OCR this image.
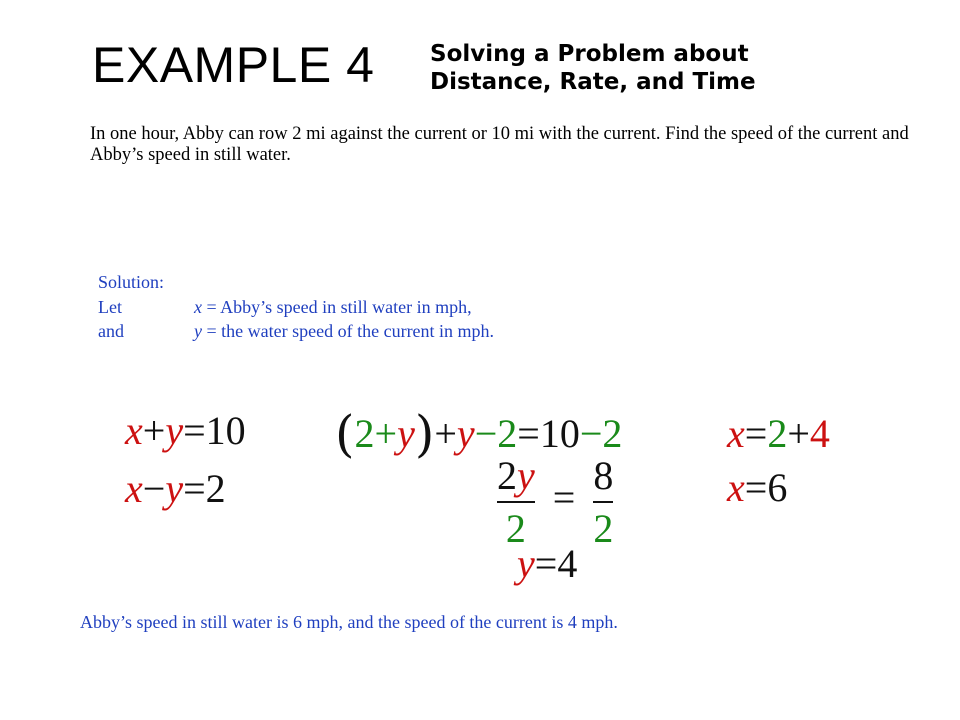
EXAMPLE 4 Solving a Problem about
Distance, Rate, and Time
In one hour, Abby can row 2 mi against the current or 10 mi with the current. Find the speed of the current and Abby’s speed in still water.
Solution:
Let	x = Abby’s speed in still water in mph,
and	y = the water speed of the current in mph.
x+y=10
x−y=2
(2+y)+y−2=10−2
$\frac{2y}{2} = \frac{8}{2}$
y=4
x=2+4
x=6
Abby’s speed in still water is 6 mph, and the speed of the current is 4 mph.
